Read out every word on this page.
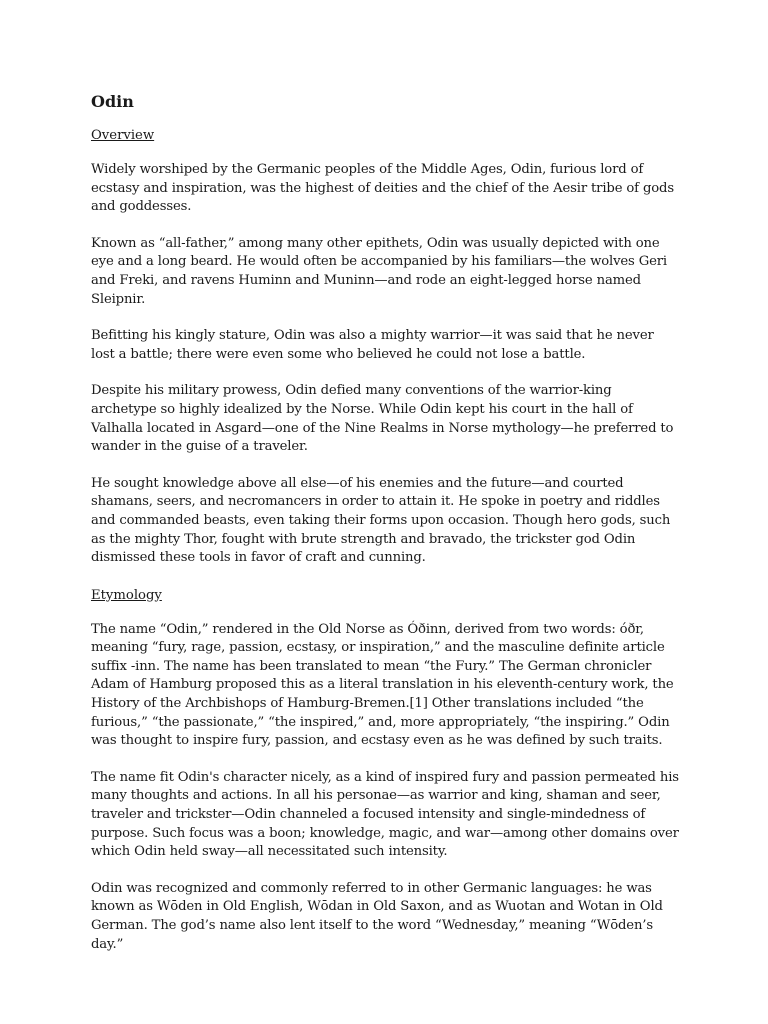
Odin
Overview

Widely worshiped by the Germanic peoples of the Middle Ages, Odin, furious lord of ecstasy and inspiration, was the highest of deities and the chief of the Aesir tribe of gods and goddesses.

Known as “all-father,” among many other epithets, Odin was usually depicted with one eye and a long beard. He would often be accompanied by his familiars—the wolves Geri and Freki, and ravens Huminn and Muninn—and rode an eight-legged horse named Sleipnir.

Befitting his kingly stature, Odin was also a mighty warrior—it was said that he never lost a battle; there were even some who believed he could not lose a battle.

Despite his military prowess, Odin defied many conventions of the warrior-king archetype so highly idealized by the Norse. While Odin kept his court in the hall of Valhalla located in Asgard—one of the Nine Realms in Norse mythology—he preferred to wander in the guise of a traveler.

He sought knowledge above all else—of his enemies and the future—and courted shamans, seers, and necromancers in order to attain it. He spoke in poetry and riddles and commanded beasts, even taking their forms upon occasion. Though hero gods, such as the mighty Thor, fought with brute strength and bravado, the trickster god Odin dismissed these tools in favor of craft and cunning.

Etymology

The name “Odin,” rendered in the Old Norse as Óðinn, derived from two words: óðr, meaning “fury, rage, passion, ecstasy, or inspiration,” and the masculine definite article suffix -inn. The name has been translated to mean “the Fury.” The German chronicler Adam of Hamburg proposed this as a literal translation in his eleventh-century work, the History of the Archbishops of Hamburg-Bremen.[1] Other translations included “the furious,” “the passionate,” “the inspired,” and, more appropriately, “the inspiring.” Odin was thought to inspire fury, passion, and ecstasy even as he was defined by such traits.

The name fit Odin's character nicely, as a kind of inspired fury and passion permeated his many thoughts and actions. In all his personae—as warrior and king, shaman and seer, traveler and trickster—Odin channeled a focused intensity and single-mindedness of purpose. Such focus was a boon; knowledge, magic, and war—among other domains over which Odin held sway—all necessitated such intensity.

Odin was recognized and commonly referred to in other Germanic languages: he was known as Wōden in Old English, Wōdan in Old Saxon, and as Wuotan and Wotan in Old German. The god’s name also lent itself to the word “Wednesday,” meaning “Wōden’s day.”
